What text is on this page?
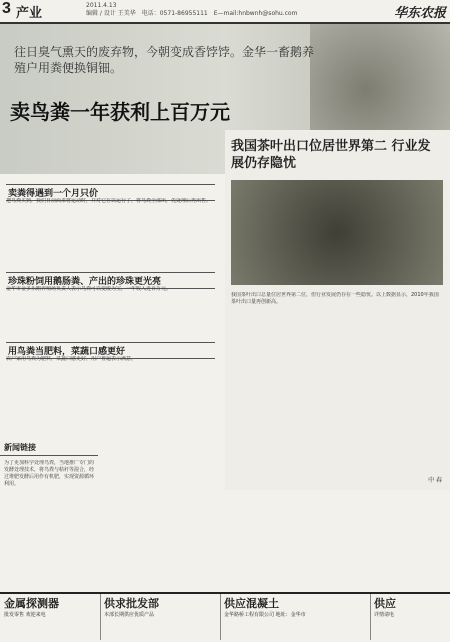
3 产业
2011.4.13
编辑 / 设计 王美华　电话：0571-86955111　E—mail:hnbwnh@sohu.com	华东农报
往日臭气熏天的废弃物，今朝变成香饽饽。金华一畜鹅养殖户用粪便换铜钿。
卖鸟粪一年获利上百万元
卖粪得遇到一个月只价

把鸟粪买到，我们日前面来将运动时，并对它在以运行了，将鸟粪全部出，先处理后再出售。

珍珠粉饲用鹅肠粪、产出的珍珠更光亮

金华市金多乐鹅养殖场负责人表示鸟粪可以变废为宝，一年收入近百万元。

用鸟粪当肥料，菜蔬口感更好

农户家用鸟粪为肥料，菜蔬口感更好，用户普遍表示满意。

我国茶叶出口位居世界第二 行业发展仍存隐忧

我国茶叶出口总量位居世界第二位，但行业发展仍存在一些隐忧。以上数据显示，2010年我国茶叶出口量再创新高。

中 春
新闻链接

为了更加科学处理鸟粪，当地推广专门的发酵处理技术，将鸟粪与秸秆等混合，经过堆肥发酵后用作有机肥，实现资源循环利用。

金属探测器
批发零售 欢迎来电
供求批发部
本部长期供应优质产品
供应混凝土
金华路桥工程有限公司 地址：金华市
供应
详情请电
